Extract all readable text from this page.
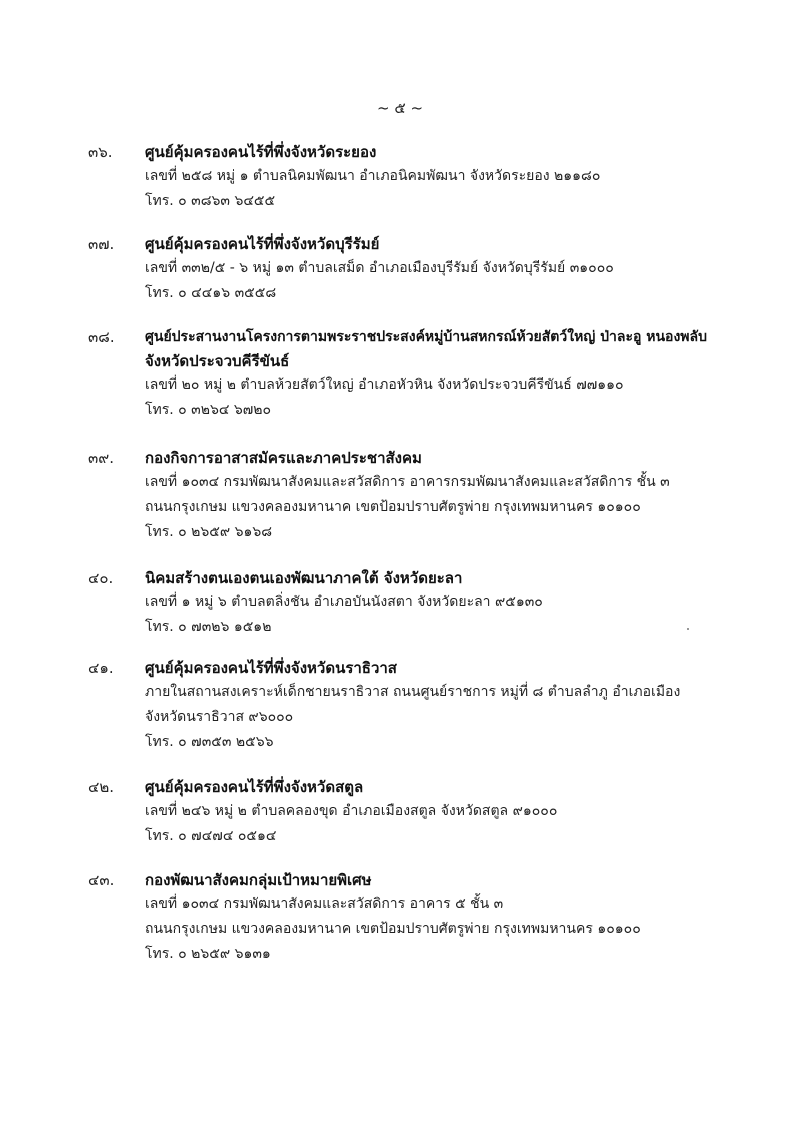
~ ๕ ~
๓๖. ศูนย์คุ้มครองคนไร้ที่พึ่งจังหวัดระยอง
เลขที่ ๒๕๘ หมู่ ๑ ตำบลนิคมพัฒนา อำเภอนิคมพัฒนา จังหวัดระยอง ๒๑๑๘๐
โทร. ๐ ๓๘๖๓ ๖๔๕๕
๓๗. ศูนย์คุ้มครองคนไร้ที่พึ่งจังหวัดบุรีรัมย์
เลขที่ ๓๓๒/๕ - ๖ หมู่ ๑๓ ตำบลเสม็ด อำเภอเมืองบุรีรัมย์ จังหวัดบุรีรัมย์ ๓๑๐๐๐
โทร. ๐ ๔๔๑๖ ๓๕๕๘
๓๘. ศูนย์ประสานงานโครงการตามพระราชประสงค์หมู่บ้านสหกรณ์ห้วยสัตว์ใหญ่ ป่าละอู หนองพลับ
จังหวัดประจวบคีรีขันธ์
เลขที่ ๒๐ หมู่ ๒ ตำบลห้วยสัตว์ใหญ่ อำเภอหัวหิน จังหวัดประจวบคีรีขันธ์ ๗๗๑๑๐
โทร. ๐ ๓๒๖๔ ๖๗๒๐
๓๙. กองกิจการอาสาสมัครและภาคประชาสังคม
เลขที่ ๑๐๓๔ กรมพัฒนาสังคมและสวัสดิการ อาคารกรมพัฒนาสังคมและสวัสดิการ ชั้น ๓
ถนนกรุงเกษม แขวงคลองมหานาค เขตป้อมปราบศัตรูพ่าย กรุงเทพมหานคร ๑๐๑๐๐
โทร. ๐ ๒๖๕๙ ๖๑๖๘
๔๐. นิคมสร้างตนเองตนเองพัฒนาภาคใต้ จังหวัดยะลา
เลขที่ ๑ หมู่ ๖ ตำบลตลิ่งชัน อำเภอบันนังสตา จังหวัดยะลา ๙๕๑๓๐
โทร. ๐ ๗๓๒๖ ๑๕๑๒
๔๑. ศูนย์คุ้มครองคนไร้ที่พึ่งจังหวัดนราธิวาส
ภายในสถานสงเคราะห์เด็กชายนราธิวาส ถนนศูนย์ราชการ หมู่ที่ ๘ ตำบลลำภู อำเภอเมือง
จังหวัดนราธิวาส ๙๖๐๐๐
โทร. ๐ ๗๓๕๓ ๒๕๖๖
๔๒. ศูนย์คุ้มครองคนไร้ที่พึ่งจังหวัดสตูล
เลขที่ ๒๔๖ หมู่ ๒ ตำบลคลองขุด อำเภอเมืองสตูล จังหวัดสตูล ๙๑๐๐๐
โทร. ๐ ๗๔๗๔ ๐๕๑๔
๔๓. กองพัฒนาสังคมกลุ่มเป้าหมายพิเศษ
เลขที่ ๑๐๓๔ กรมพัฒนาสังคมและสวัสดิการ อาคาร ๕ ชั้น ๓
ถนนกรุงเกษม แขวงคลองมหานาค เขตป้อมปราบศัตรูพ่าย กรุงเทพมหานคร ๑๐๑๐๐
โทร. ๐ ๒๖๕๙ ๖๑๓๑
